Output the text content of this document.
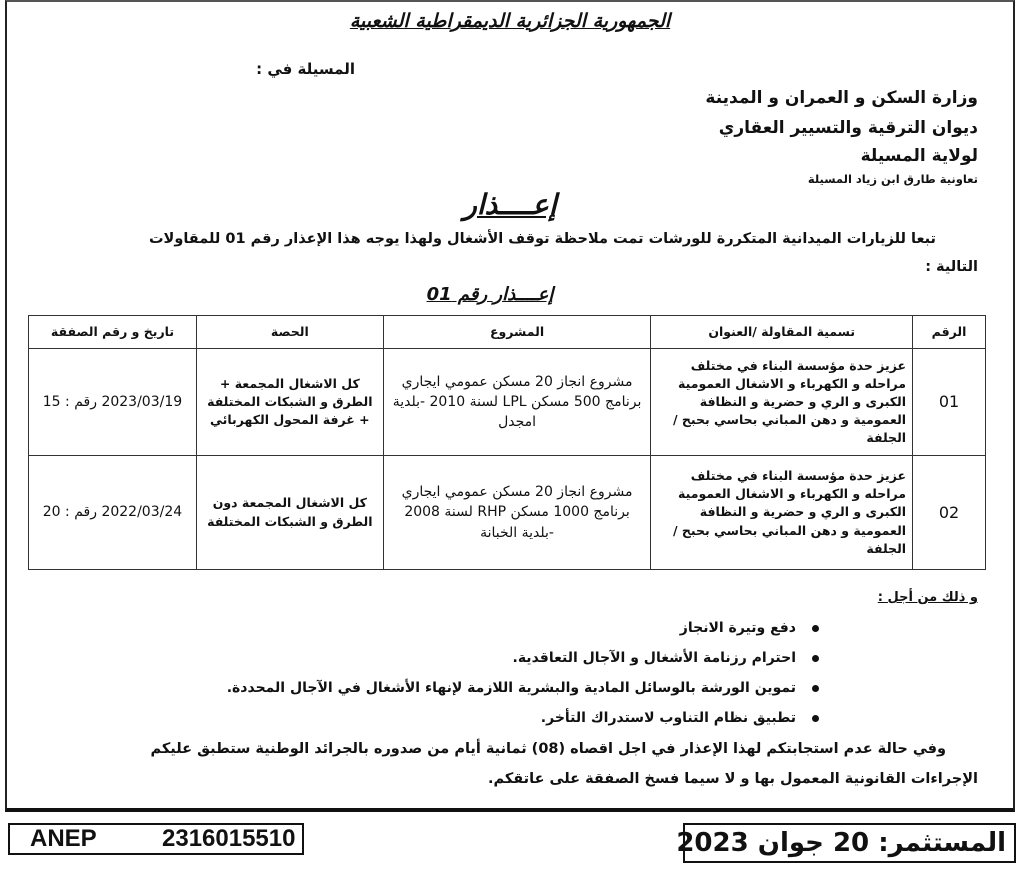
الجمهورية الجزائرية الديمقراطية الشعبية
المسيلة في :
وزارة السكن و العمران و المدينة
ديوان الترقية والتسيير العقاري
لولاية المسيلة
تعاونية طارق ابن زياد المسيلة
إعــــذار
تبعا للزيارات الميدانية المتكررة للورشات تمت ملاحظة توقف الأشغال ولهذا يوجه هذا الإعذار رقم 01 للمقاولات
التالية :
إعــــذار رقم 01
الرقم	تسمية المقاولة /العنوان	المشروع	الحصة	تاريخ و رقم الصفقة
01	عزيز حدة مؤسسة البناء في مختلف مراحله و الكهرباء و الاشغال العمومية الكبرى و الري و حضرية و النظافة العمومية و دهن المباني بحاسي بحبح / الجلفة	مشروع انجاز 20 مسكن عمومي ايجاري برنامج 500 مسكن LPL لسنة 2010 -بلدية امجدل	كل الاشغال المجمعة + الطرق و الشبكات المختلفة + غرفة المحول الكهربائي	2023/03/19 رقم : 15
02	عزيز حدة مؤسسة البناء في مختلف مراحله و الكهرباء و الاشغال العمومية الكبرى و الري و حضرية و النظافة العمومية و دهن المباني بحاسي بحبح / الجلفة	مشروع انجاز 20 مسكن عمومي ايجاري برنامج 1000 مسكن RHP لسنة 2008 -بلدية الخبانة	كل الاشغال المجمعة دون الطرق و الشبكات المختلفة	2022/03/24 رقم : 20
و ذلك من أجل :
دفع وتيرة الانجاز
احترام رزنامة الأشغال و الآجال التعاقدية.
تموين الورشة بالوسائل المادية والبشرية اللازمة لإنهاء الأشغال في الآجال المحددة.
تطبيق نظام التناوب لاستدراك التأخر.
وفي حالة عدم استجابتكم لهذا الإعذار في اجل اقصاه (08) ثمانية أيام من صدوره بالجرائد الوطنية ستطبق عليكم
الإجراءات القانونية المعمول بها و لا سيما فسخ الصفقة على عاتقكم.
ANEP	2316015510	المستثمر: 20 جوان 2023
